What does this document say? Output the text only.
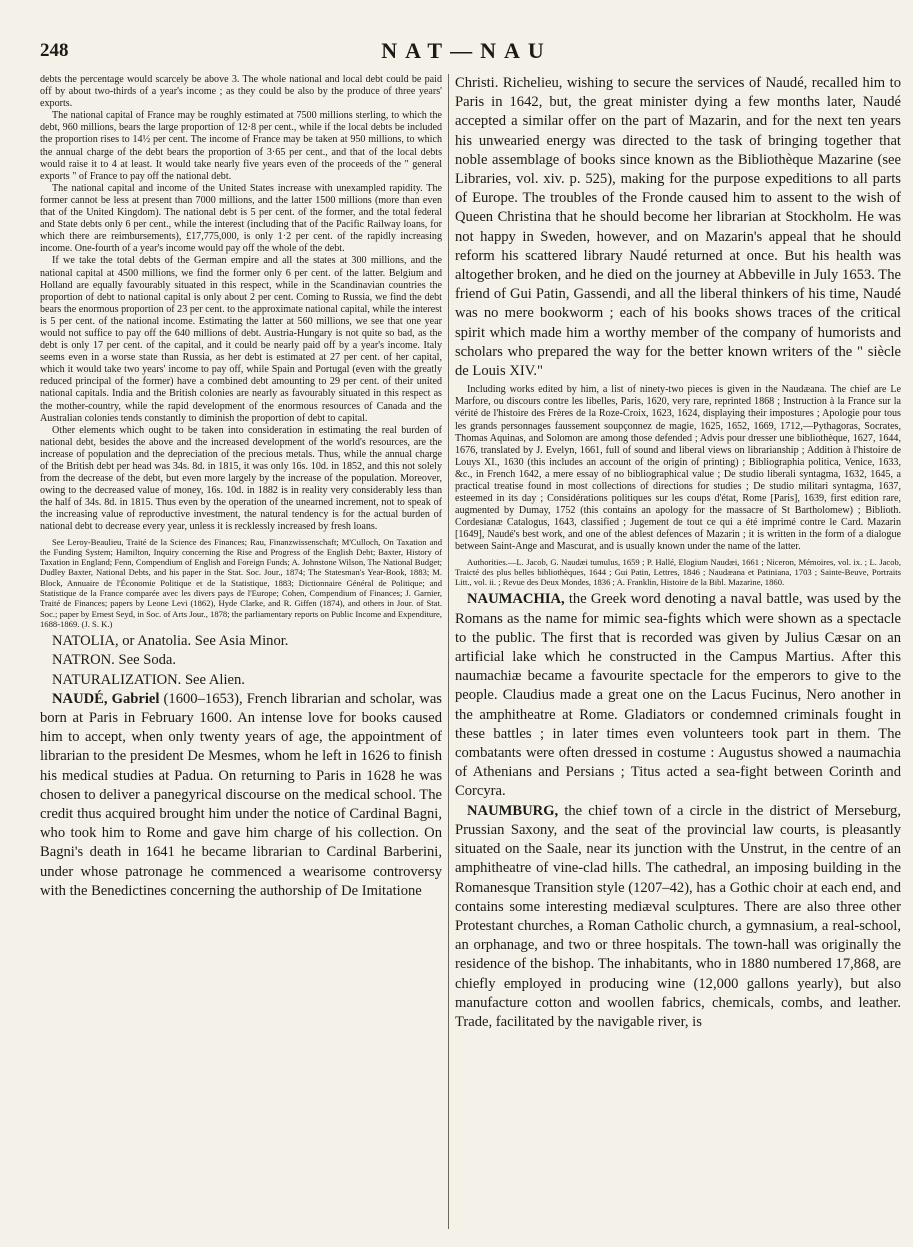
248	NAT—NAU

debts the percentage would scarcely be above 3. The whole national and local debt could be paid off by about two-thirds of a year's income ; as they could be also by the produce of three years' exports.

The national capital of France may be roughly estimated at 7500 millions sterling, to which the debt, 960 millions, bears the large proportion of 12·8 per cent., while if the local debts be included the proportion rises to 14½ per cent. The income of France may be taken at 950 millions, to which the annual charge of the debt bears the proportion of 3·65 per cent., and that of the local debts would raise it to 4 at least. It would take nearly five years even of the proceeds of the " general exports " of France to pay off the national debt.

The national capital and income of the United States increase with unexampled rapidity. The former cannot be less at present than 7000 millions, and the latter 1500 millions (more than even that of the United Kingdom). The national debt is 5 per cent. of the former, and the total federal and State debts only 6 per cent., while the interest (including that of the Pacific Railway loans, for which there are reimbursements), £17,775,000, is only 1·2 per cent. of the rapidly increasing income. One-fourth of a year's income would pay off the whole of the debt.

If we take the total debts of the German empire and all the states at 300 millions, and the national capital at 4500 millions, we find the former only 6 per cent. of the latter. Belgium and Holland are equally favourably situated in this respect, while in the Scandinavian countries the proportion of debt to national capital is only about 2 per cent. Coming to Russia, we find the debt bears the enormous proportion of 23 per cent. to the approximate national capital, while the interest is 5 per cent. of the national income. Estimating the latter at 560 millions, we see that one year would not suffice to pay off the 640 millions of debt. Austria-Hungary is not quite so bad, as the debt is only 17 per cent. of the capital, and it could be nearly paid off by a year's income. Italy seems even in a worse state than Russia, as her debt is estimated at 27 per cent. of her capital, which it would take two years' income to pay off, while Spain and Portugal (even with the greatly reduced principal of the former) have a combined debt amounting to 29 per cent. of their united national capitals. India and the British colonies are nearly as favourably situated in this respect as the mother-country, while the rapid development of the enormous resources of Canada and the Australian colonies tends constantly to diminish the proportion of debt to capital.

Other elements which ought to be taken into consideration in estimating the real burden of national debt, besides the above and the increased development of the world's resources, are the increase of population and the depreciation of the precious metals. Thus, while the annual charge of the British debt per head was 34s. 8d. in 1815, it was only 16s. 10d. in 1852, and this not solely from the decrease of the debt, but even more largely by the increase of the population. Moreover, owing to the decreased value of money, 16s. 10d. in 1882 is in reality very considerably less than the half of 34s. 8d. in 1815. Thus even by the operation of the unearned increment, not to speak of the increasing value of reproductive investment, the natural tendency is for the actual burden of national debt to decrease every year, unless it is recklessly increased by fresh loans.

See Leroy-Beaulieu, Traité de la Science des Finances; Rau, Finanzwissenschaft; M'Culloch, On Taxation and the Funding System; Hamilton, Inquiry concerning the Rise and Progress of the English Debt; Baxter, History of Taxation in England; Fenn, Compendium of English and Foreign Funds; A. Johnstone Wilson, The National Budget; Dudley Baxter, National Debts, and his paper in the Stat. Soc. Jour., 1874; The Statesman's Year-Book, 1883; M. Block, Annuaire de l'Économie Politique et de la Statistique, 1883; Dictionnaire Général de Politique; and Statistique de la France comparée avec les divers pays de l'Europe; Cohen, Compendium of Finances; J. Garnier, Traité de Finances; papers by Leone Levi (1862), Hyde Clarke, and R. Giffen (1874), and others in Jour. of Stat. Soc.; paper by Ernest Seyd, in Soc. of Arts Jour., 1878; the parliamentary reports on Public Income and Expenditure, 1688-1869. (J. S. K.)

NATOLIA, or Anatolia. See Asia Minor.

NATRON. See Soda.

NATURALIZATION. See Alien.

NAUDÉ, Gabriel (1600–1653), French librarian and scholar, was born at Paris in February 1600. An intense love for books caused him to accept, when only twenty years of age, the appointment of librarian to the president De Mesmes, whom he left in 1626 to finish his medical studies at Padua. On returning to Paris in 1628 he was chosen to deliver a panegyrical discourse on the medical school. The credit thus acquired brought him under the notice of Cardinal Bagni, who took him to Rome and gave him charge of his collection. On Bagni's death in 1641 he became librarian to Cardinal Barberini, under whose patronage he commenced a wearisome controversy with the Benedictines concerning the authorship of De Imitatione

Christi. Richelieu, wishing to secure the services of Naudé, recalled him to Paris in 1642, but, the great minister dying a few months later, Naudé accepted a similar offer on the part of Mazarin, and for the next ten years his unwearied energy was directed to the task of bringing together that noble assemblage of books since known as the Bibliothèque Mazarine (see Libraries, vol. xiv. p. 525), making for the purpose expeditions to all parts of Europe. The troubles of the Fronde caused him to assent to the wish of Queen Christina that he should become her librarian at Stockholm. He was not happy in Sweden, however, and on Mazarin's appeal that he should reform his scattered library Naudé returned at once. But his health was altogether broken, and he died on the journey at Abbeville in July 1653. The friend of Gui Patin, Gassendi, and all the liberal thinkers of his time, Naudé was no mere bookworm ; each of his books shows traces of the critical spirit which made him a worthy member of the company of humorists and scholars who prepared the way for the better known writers of the " siècle de Louis XIV."

Including works edited by him, a list of ninety-two pieces is given in the Naudæana. The chief are Le Marfore, ou discours contre les libelles, Paris, 1620, very rare, reprinted 1868 ; Instruction à la France sur la vérité de l'histoire des Frères de la Roze-Croix, 1623, 1624, displaying their impostures ; Apologie pour tous les grands personnages faussement soupçonnez de magie, 1625, 1652, 1669, 1712,—Pythagoras, Socrates, Thomas Aquinas, and Solomon are among those defended ; Advis pour dresser une bibliothèque, 1627, 1644, 1676, translated by J. Evelyn, 1661, full of sound and liberal views on librarianship ; Addition à l'histoire de Louys XI., 1630 (this includes an account of the origin of printing) ; Bibliographia politica, Venice, 1633, &c., in French 1642, a mere essay of no bibliographical value ; De studio liberali syntagma, 1632, 1645, a practical treatise found in most collections of directions for studies ; De studio militari syntagma, 1637, esteemed in its day ; Considérations politiques sur les coups d'état, Rome [Paris], 1639, first edition rare, augmented by Dumay, 1752 (this contains an apology for the massacre of St Bartholomew) ; Biblioth. Cordesianæ Catalogus, 1643, classified ; Jugement de tout ce qui a été imprimé contre le Card. Mazarin [1649], Naudé's best work, and one of the ablest defences of Mazarin ; it is written in the form of a dialogue between Saint-Ange and Mascurat, and is usually known under the name of the latter.

Authorities.—L. Jacob, G. Naudæi tumulus, 1659 ; P. Hallé, Elogium Naudæi, 1661 ; Niceron, Mémoires, vol. ix. ; L. Jacob, Traicté des plus belles bibliothèques, 1644 ; Gui Patin, Lettres, 1846 ; Naudæana et Patiniana, 1703 ; Sainte-Beuve, Portraits Litt., vol. ii. ; Revue des Deux Mondes, 1836 ; A. Franklin, Histoire de la Bibl. Mazarine, 1860.

NAUMACHIA, the Greek word denoting a naval battle, was used by the Romans as the name for mimic sea-fights which were shown as a spectacle to the public. The first that is recorded was given by Julius Cæsar on an artificial lake which he constructed in the Campus Martius. After this naumachiæ became a favourite spectacle for the emperors to give to the people. Claudius made a great one on the Lacus Fucinus, Nero another in the amphitheatre at Rome. Gladiators or condemned criminals fought in these battles ; in later times even volunteers took part in them. The combatants were often dressed in costume : Augustus showed a naumachia of Athenians and Persians ; Titus acted a sea-fight between Corinth and Corcyra.

NAUMBURG, the chief town of a circle in the district of Merseburg, Prussian Saxony, and the seat of the provincial law courts, is pleasantly situated on the Saale, near its junction with the Unstrut, in the centre of an amphitheatre of vine-clad hills. The cathedral, an imposing building in the Romanesque Transition style (1207–42), has a Gothic choir at each end, and contains some interesting mediæval sculptures. There are also three other Protestant churches, a Roman Catholic church, a gymnasium, a real-school, an orphanage, and two or three hospitals. The town-hall was originally the residence of the bishop. The inhabitants, who in 1880 numbered 17,868, are chiefly employed in producing wine (12,000 gallons yearly), but also manufacture cotton and woollen fabrics, chemicals, combs, and leather. Trade, facilitated by the navigable river, is
